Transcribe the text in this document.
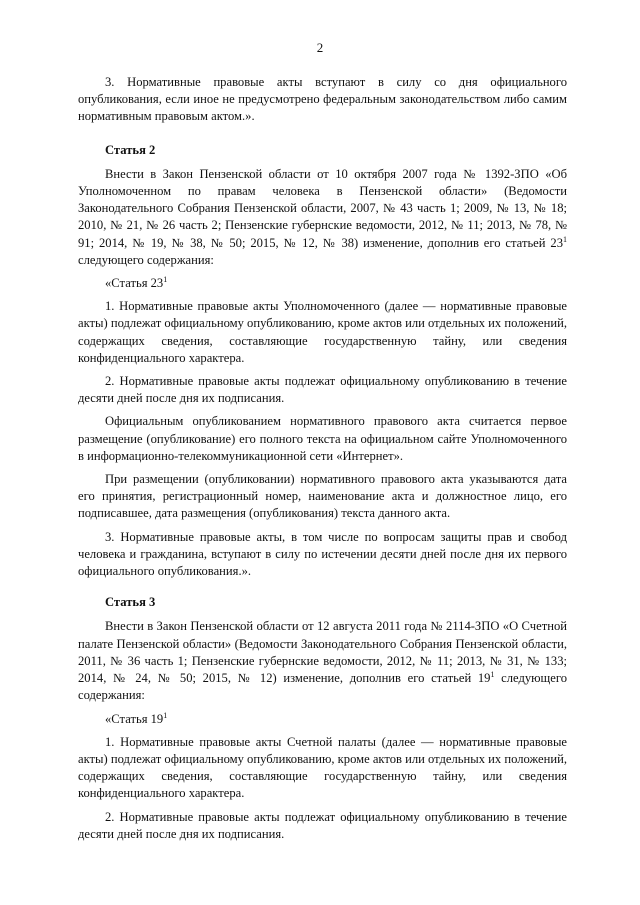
2

3. Нормативные правовые акты вступают в силу со дня официального опубликования, если иное не предусмотрено федеральным законодательством либо самим нормативным правовым актом.».

Статья 2

Внести в Закон Пензенской области от 10 октября 2007 года № 1392-ЗПО «Об Уполномоченном по правам человека в Пензенской области» (Ведомости Законодательного Собрания Пензенской области, 2007, № 43 часть 1; 2009, № 13, № 18; 2010, № 21, № 26 часть 2; Пензенские губернские ведомости, 2012, № 11; 2013, № 78, № 91; 2014, № 19, № 38, № 50; 2015, № 12, № 38) изменение, дополнив его статьей $23^1$ следующего содержания:

«Статья $23^1$

1. Нормативные правовые акты Уполномоченного (далее — нормативные правовые акты) подлежат официальному опубликованию, кроме актов или отдельных их положений, содержащих сведения, составляющие государственную тайну, или сведения конфиденциального характера.

2. Нормативные правовые акты подлежат официальному опубликованию в течение десяти дней после дня их подписания.

Официальным опубликованием нормативного правового акта считается первое размещение (опубликование) его полного текста на официальном сайте Уполномоченного в информационно-телекоммуникационной сети «Интернет».

При размещении (опубликовании) нормативного правового акта указываются дата его принятия, регистрационный номер, наименование акта и должностное лицо, его подписавшее, дата размещения (опубликования) текста данного акта.

3. Нормативные правовые акты, в том числе по вопросам защиты прав и свобод человека и гражданина, вступают в силу по истечении десяти дней после дня их первого официального опубликования.».

Статья 3

Внести в Закон Пензенской области от 12 августа 2011 года № 2114-ЗПО «О Счетной палате Пензенской области» (Ведомости Законодательного Собрания Пензенской области, 2011, № 36 часть 1; Пензенские губернские ведомости, 2012, № 11; 2013, № 31, № 133; 2014, № 24, № 50; 2015, № 12) изменение, дополнив его статьей $19^1$ следующего содержания:

«Статья $19^1$

1. Нормативные правовые акты Счетной палаты (далее — нормативные правовые акты) подлежат официальному опубликованию, кроме актов или отдельных их положений, содержащих сведения, составляющие государственную тайну, или сведения конфиденциального характера.

2. Нормативные правовые акты подлежат официальному опубликованию в течение десяти дней после дня их подписания.
